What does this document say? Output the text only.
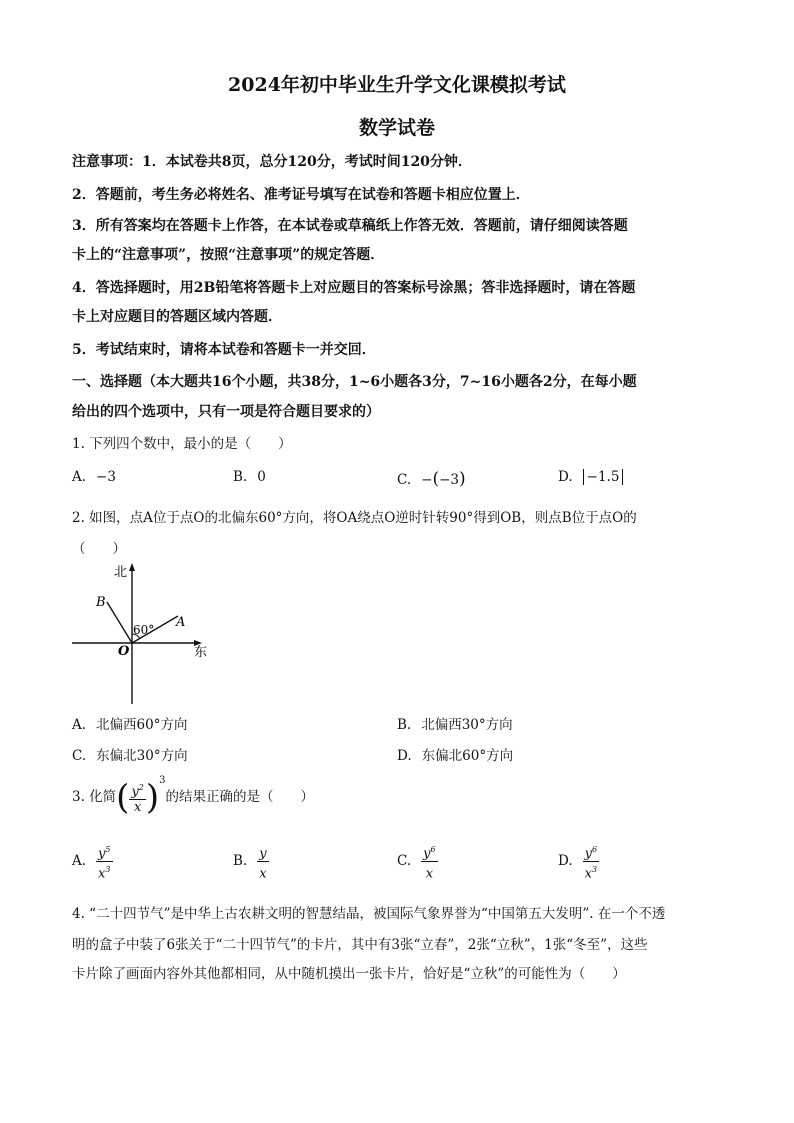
2024年初中毕业生升学文化课模拟考试
数学试卷
注意事项：1．本试卷共8页，总分120分，考试时间120分钟．
2．答题前，考生务必将姓名、准考证号填写在试卷和答题卡相应位置上．
3．所有答案均在答题卡上作答，在本试卷或草稿纸上作答无效．答题前，请仔细阅读答题
卡上的“注意事项”，按照“注意事项”的规定答题．
4．答选择题时，用2B铅笔将答题卡上对应题目的答案标号涂黑；答非选择题时，请在答题
卡上对应题目的答题区域内答题．
5．考试结束时，请将本试卷和答题卡一并交回．
一、选择题（本大题共16个小题，共38分，1~6小题各3分，7~16小题各2分，在每小题
给出的四个选项中，只有一项是符合题目要求的）
1. 下列四个数中，最小的是（　　）
A. −3	B. 0	C. −(−3)	D. −1.5
2. 如图，点A位于点O的北偏东60°方向，将OA绕点O逆时针转90°得到OB，则点B位于点O的
（　　）
北
东
O
A
B
60°
A. 北偏西60°方向	B. 北偏西30°方向
C. 东偏北30°方向	D. 东偏北60°方向
3. 化简( $\frac{y^2}{x} )^3$的结果正确的是（　　）
A. $\frac{y^5}{x^3}$	B. $\frac{y}{x}$	C. $\frac{y^6}{x}$	D. $\frac{y^6}{x^3}$
4. “二十四节气”是中华上古农耕文明的智慧结晶，被国际气象界誉为“中国第五大发明”. 在一个不透
明的盒子中装了6张关于“二十四节气”的卡片，其中有3张“立春”，2张“立秋”，1张“冬至”，这些
卡片除了画面内容外其他都相同，从中随机摸出一张卡片，恰好是“立秋”的可能性为（　　）
